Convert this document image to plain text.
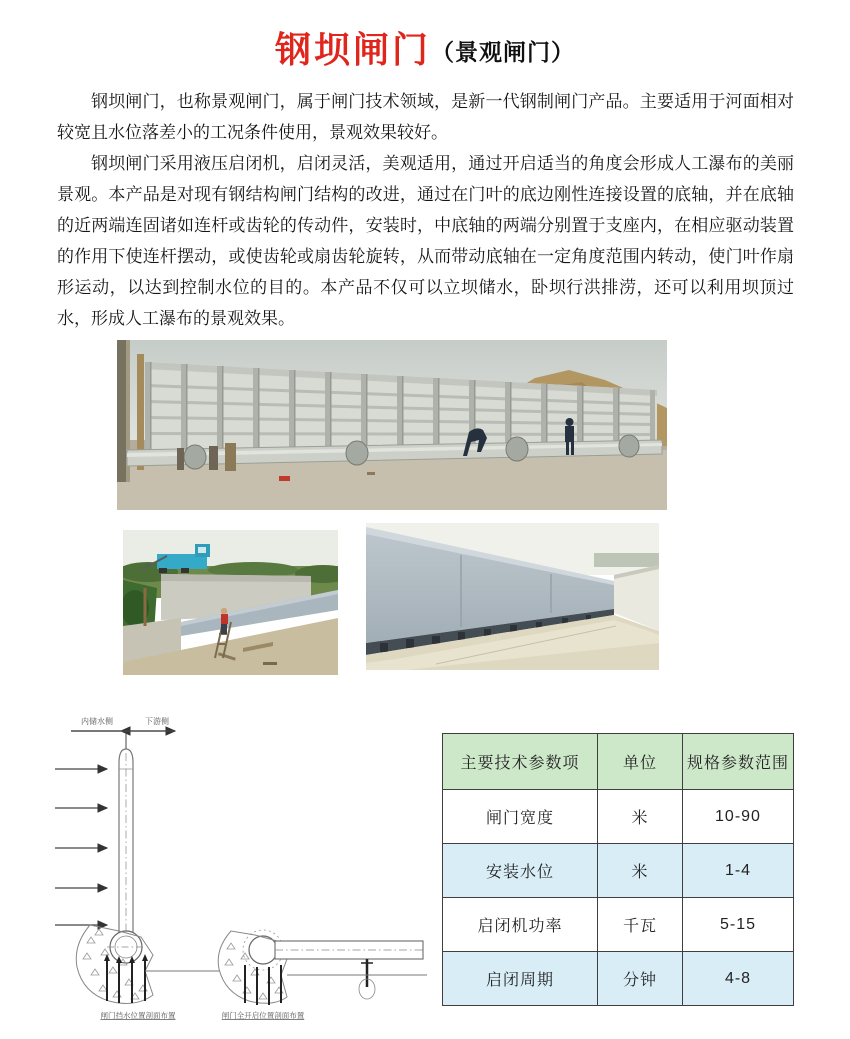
钢坝闸门（景观闸门）

钢坝闸门，也称景观闸门，属于闸门技术领域，是新一代钢制闸门产品。主要适用于河面相对较宽且水位落差小的工况条件使用，景观效果较好。

钢坝闸门采用液压启闭机，启闭灵活，美观适用，通过开启适当的角度会形成人工瀑布的美丽景观。本产品是对现有钢结构闸门结构的改进，通过在门叶的底边刚性连接设置的底轴，并在底轴的近两端连固诸如连杆或齿轮的传动件，安装时，中底轴的两端分别置于支座内，在相应驱动装置的作用下使连杆摆动，或使齿轮或扇齿轮旋转，从而带动底轴在一定角度范围内转动，使门叶作扇形运动，以达到控制水位的目的。本产品不仅可以立坝储水，卧坝行洪排涝，还可以利用坝顶过水，形成人工瀑布的景观效果。

内储水侧	下游侧
闸门挡水位置剖面布置	闸门全开启位置剖面布置
主要技术参数项	单位	规格参数范围
闸门宽度	米	10-90
安装水位	米	1-4
启闭机功率	千瓦	5-15
启闭周期	分钟	4-8
